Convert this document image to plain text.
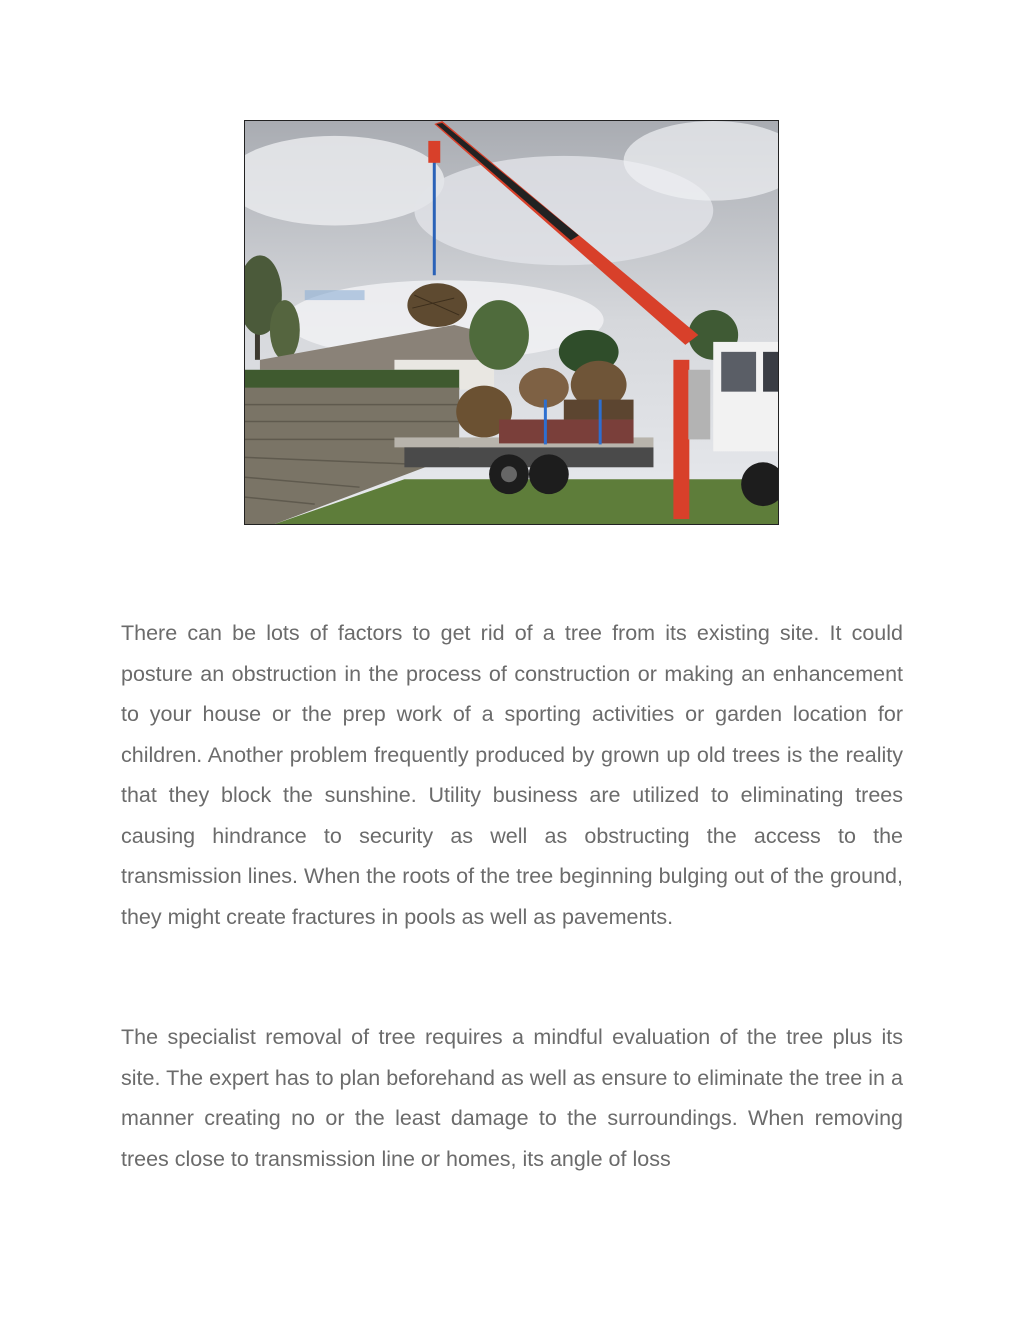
There can be lots of factors to get rid of a tree from its existing site. It could posture an obstruction in the process of construction or making an enhancement to your house or the prep work of a sporting activities or garden location for children. Another problem frequently produced by grown up old trees is the reality that they block the sunshine. Utility business are utilized to eliminating trees causing hindrance to security as well as obstructing the access to the transmission lines. When the roots of the tree beginning bulging out of the ground, they might create fractures in pools as well as pavements.
The specialist removal of tree requires a mindful evaluation of the tree plus its site. The expert has to plan beforehand as well as ensure to eliminate the tree in a manner creating no or the least damage to the surroundings. When removing trees close to transmission line or homes, its angle of loss
